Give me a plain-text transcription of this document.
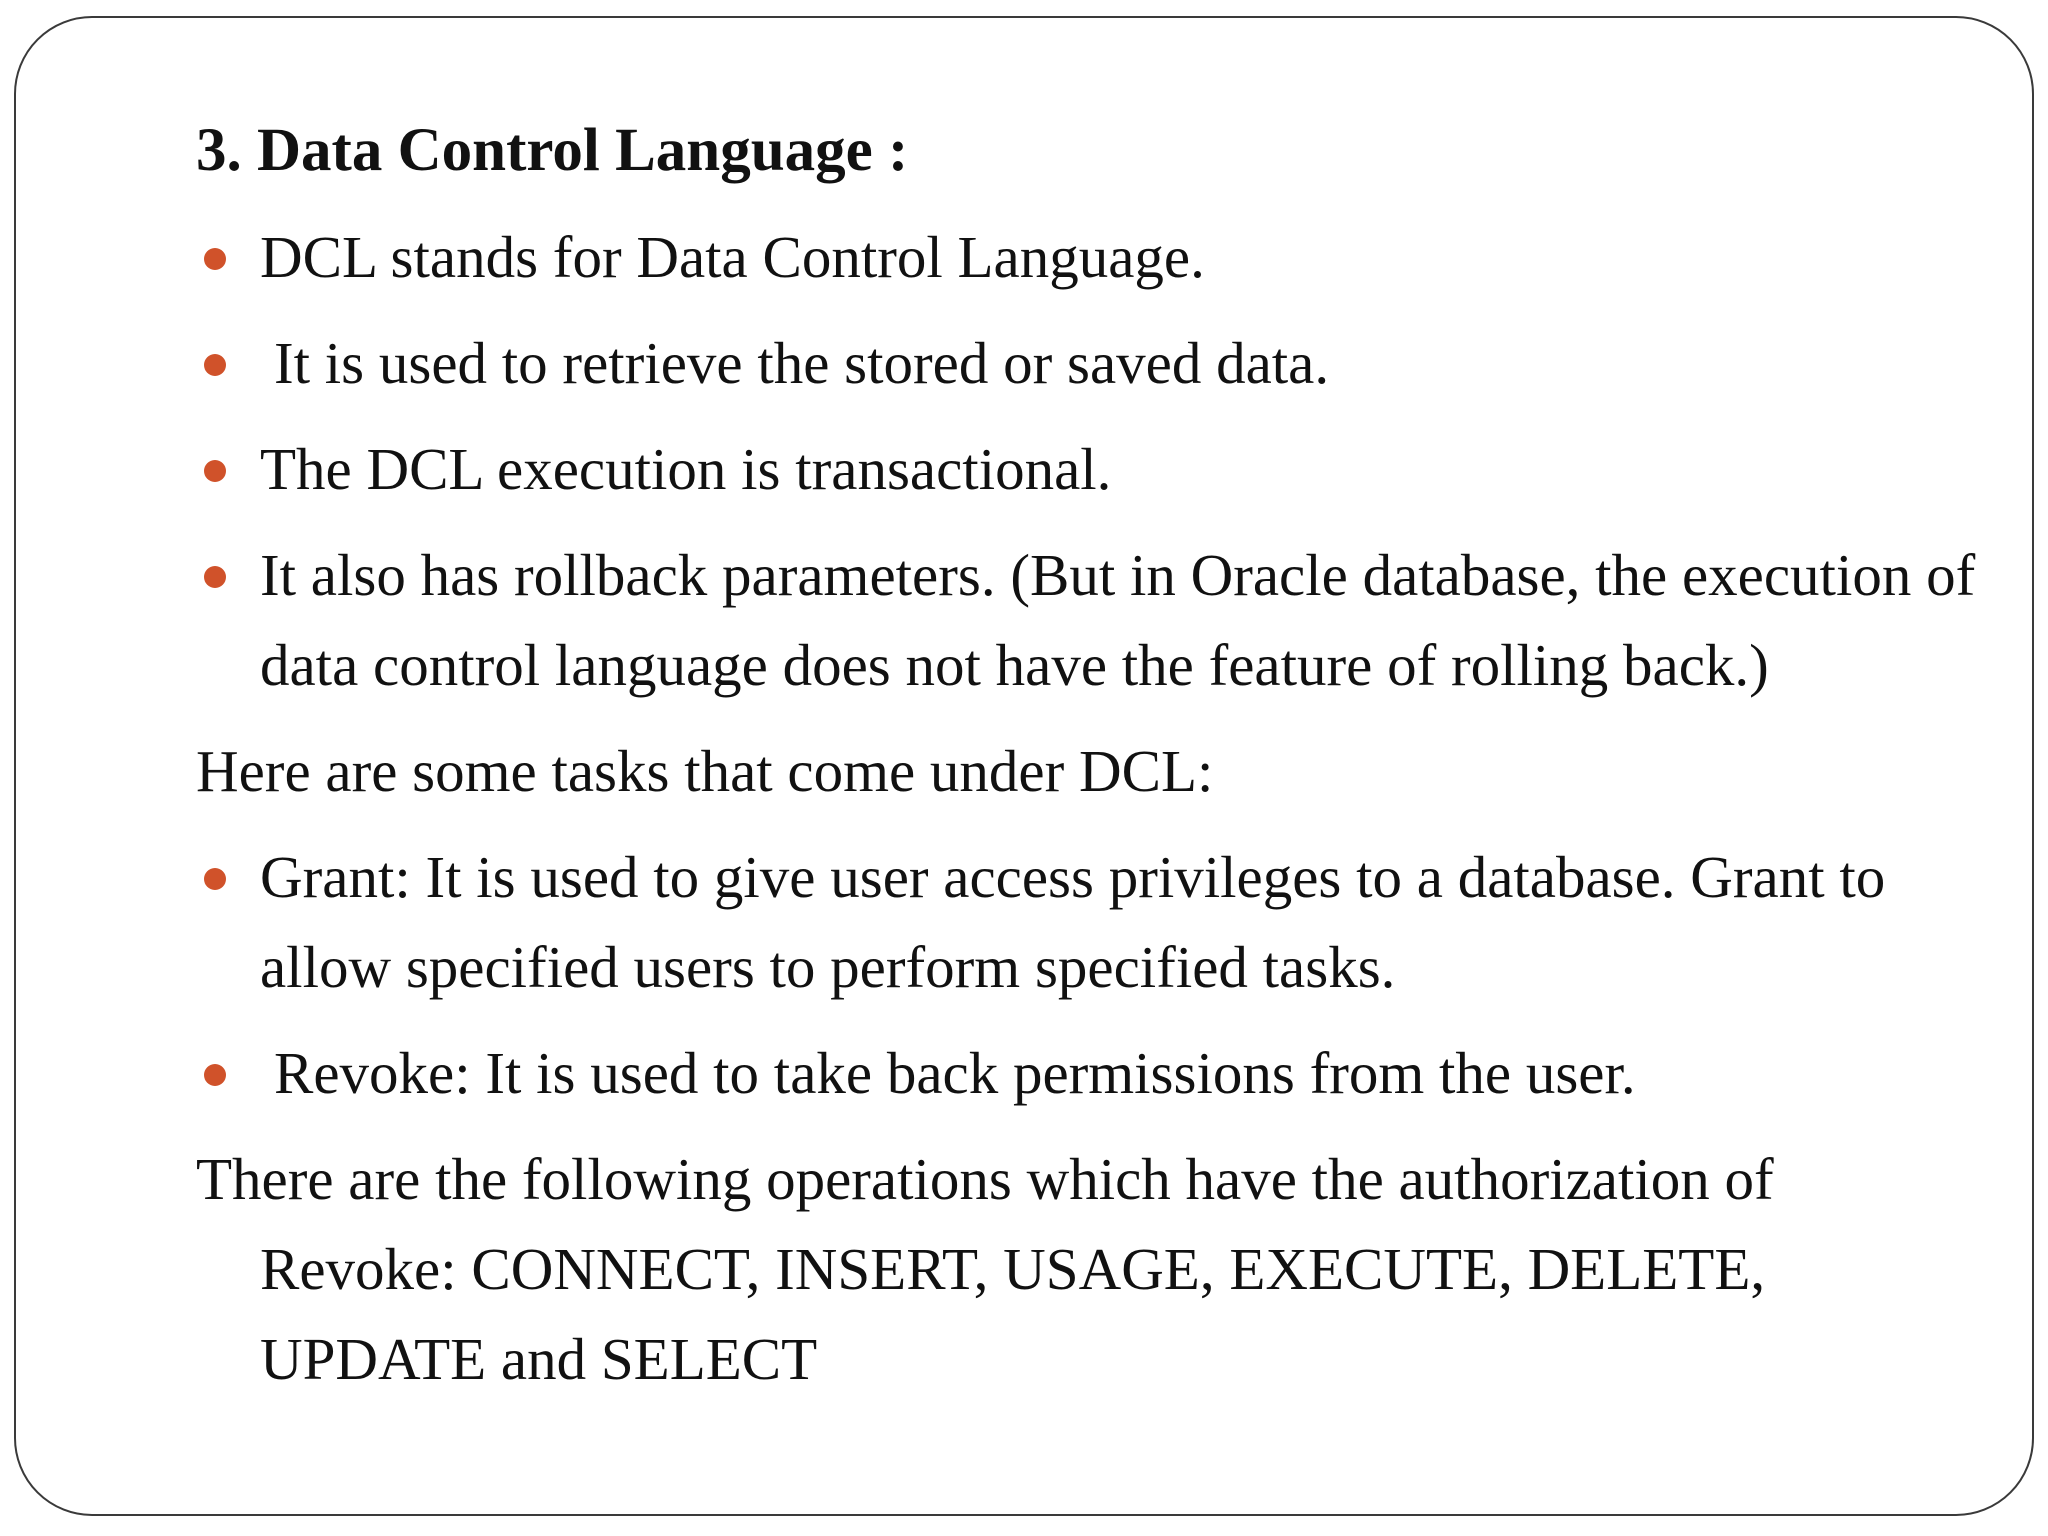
3. Data Control Language :
DCL stands for Data Control Language.
It is used to retrieve the stored or saved data.
The DCL execution is transactional.
It also has rollback parameters. (But in Oracle database, the execution of data control language does not have the feature of rolling back.)
Here are some tasks that come under DCL:
Grant: It is used to give user access privileges to a database. Grant to allow specified users to perform specified tasks.
Revoke: It is used to take back permissions from the user.
There are the following operations which have the authorization of Revoke: CONNECT, INSERT, USAGE, EXECUTE, DELETE, UPDATE and SELECT
